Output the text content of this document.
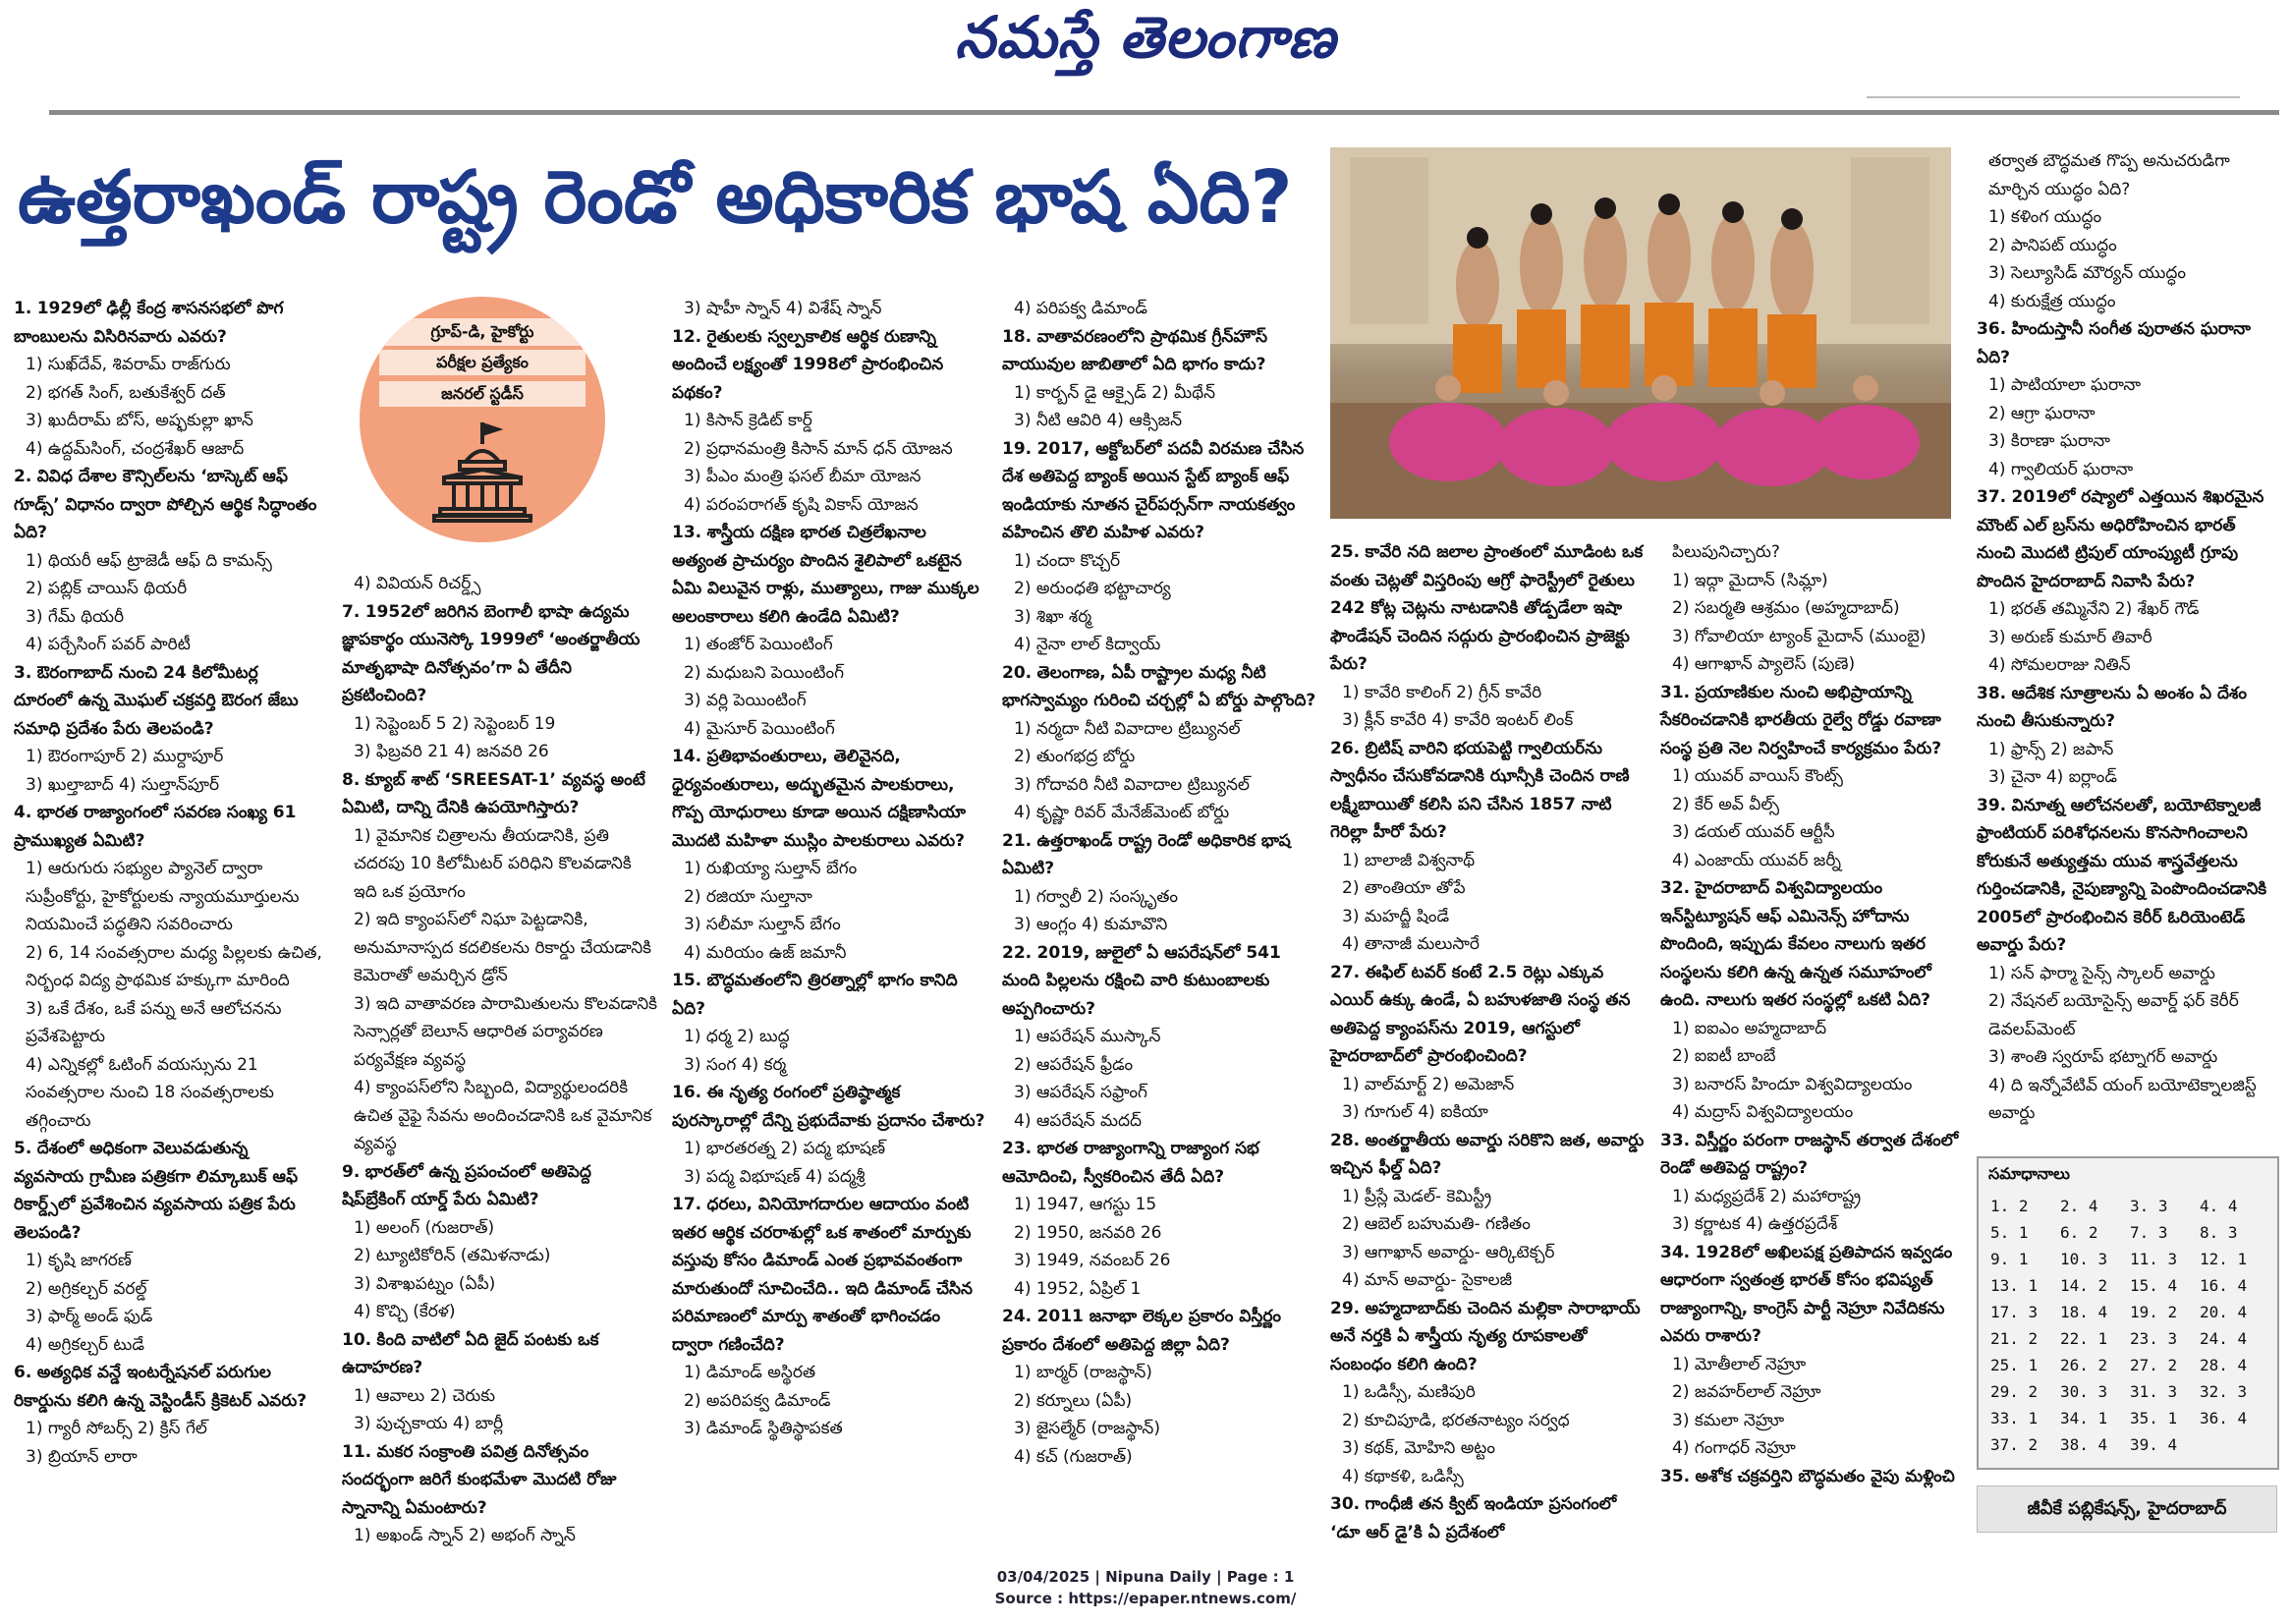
నమస్తే తెలంగాణ
ఉత్తరాఖండ్ రాష్ట్ర రెండో అధికారిక భాష ఏది?
గ్రూప్-డి, హైకోర్టు
పరీక్షల ప్రత్యేకం
జనరల్ స్టడీస్
1. 1929లో ఢిల్లీ కేంద్ర శాసనసభలో పొగ బాంబులను విసిరినవారు ఎవరు?
1) సుఖ్‌దేవ్, శివరామ్ రాజ్‌గురు
2) భగత్ సింగ్, బతుకేశ్వర్ దత్
3) ఖుదీరామ్ బోస్, అష్ఫకుల్లా ఖాన్
4) ఉద్దమ్‌సింగ్, చంద్రశేఖర్ ఆజాద్
2. వివిధ దేశాల కౌన్సిల్‌లను ‘బాస్కెట్ ఆఫ్ గూడ్స్’ విధానం ద్వారా పోల్చిన ఆర్థిక సిద్ధాంతం ఏది?
1) థియరీ ఆఫ్ ట్రాజెడీ ఆఫ్ ది కామన్స్
2) పబ్లిక్ చాయిస్ థియరీ
3) గేమ్ థియరీ
4) పర్చేసింగ్ పవర్ పారిటీ
3. ఔరంగాబాద్ నుంచి 24 కిలోమీటర్ల దూరంలో ఉన్న మొఘల్ చక్రవర్తి ఔరంగ జేబు సమాధి ప్రదేశం పేరు తెలపండి?
1) ఔరంగాపూర్ 2) ముర్దాపూర్
3) ఖుల్తాబాద్ 4) సుల్తాన్‌పూర్
4. భారత రాజ్యాంగంలో సవరణ సంఖ్య 61 ప్రాముఖ్యత ఏమిటి?
1) ఆరుగురు సభ్యుల ప్యానెల్ ద్వారా సుప్రీంకోర్టు, హైకోర్టులకు న్యాయమూర్తులను నియమించే పద్ధతిని సవరించారు
2) 6, 14 సంవత్సరాల మధ్య పిల్లలకు ఉచిత, నిర్బంధ విద్య ప్రాథమిక హక్కుగా మారింది
3) ఒకే దేశం, ఒకే పన్ను అనే ఆలోచనను ప్రవేశపెట్టారు
4) ఎన్నికల్లో ఓటింగ్ వయస్సును 21 సంవత్సరాల నుంచి 18 సంవత్సరాలకు తగ్గించారు
5. దేశంలో అధికంగా వెలువడుతున్న వ్యవసాయ గ్రామీణ పత్రికగా లిమ్కాబుక్ ఆఫ్ రికార్డ్స్‌లో ప్రవేశించిన వ్యవసాయ పత్రిక పేరు తెలపండి?
1) కృషి జాగరణ్
2) అగ్రికల్చర్ వరల్డ్
3) ఫార్మ్ అండ్ ఫుడ్
4) అగ్రికల్చర్ టుడే
6. అత్యధిక వన్డే ఇంటర్నేషనల్ పరుగుల రికార్డును కలిగి ఉన్న వెస్టిండీస్ క్రికెటర్ ఎవరు?
1) గ్యారీ సోబర్స్ 2) క్రిస్ గేల్
3) బ్రియాన్ లారా
4) వివియన్ రిచర్డ్స్
7. 1952లో జరిగిన బెంగాలీ భాషా ఉద్యమ జ్ఞాపకార్థం యునెస్కో 1999లో ‘అంతర్జాతీయ మాతృభాషా దినోత్సవం’గా ఏ తేదీని ప్రకటించింది?
1) సెప్టెంబర్ 5 2) సెప్టెంబర్ 19
3) ఫిబ్రవరి 21 4) జనవరి 26
8. క్యూబ్ శాట్ ‘SREESAT-1’ వ్యవస్థ అంటే ఏమిటి, దాన్ని దేనికి ఉపయోగిస్తారు?
1) వైమానిక చిత్రాలను తీయడానికి, ప్రతి చదరపు 10 కిలోమీటర్ పరిధిని కొలవడానికి ఇది ఒక ప్రయోగం
2) ఇది క్యాంపస్‌లో నిఘా పెట్టడానికి, అనుమానాస్పద కదలికలను రికార్డు చేయడానికి కెమెరాతో అమర్చిన డ్రోన్
3) ఇది వాతావరణ పారామితులను కొలవడానికి సెన్సార్లతో బెలూన్ ఆధారిత పర్యావరణ పర్యవేక్షణ వ్యవస్థ
4) క్యాంపస్‌లోని సిబ్బంది, విద్యార్థులందరికి ఉచిత వైఫై సేవను అందించడానికి ఒక వైమానిక వ్యవస్థ
9. భారత్‌లో ఉన్న ప్రపంచంలో అతిపెద్ద షిప్‌బ్రేకింగ్ యార్డ్ పేరు ఏమిటి?
1) అలంగ్ (గుజరాత్)
2) ట్యూటికోరిన్ (తమిళనాడు)
3) విశాఖపట్నం (ఏపీ)
4) కొచ్చి (కేరళ)
10. కింది వాటిలో ఏది జైద్ పంటకు ఒక ఉదాహరణ?
1) ఆవాలు 2) చెరుకు
3) పుచ్చకాయ 4) బార్లీ
11. మకర సంక్రాంతి పవిత్ర దినోత్సవం సందర్భంగా జరిగే కుంభమేళా మొదటి రోజు స్నానాన్ని ఏమంటారు?
1) అఖండ్ స్నాన్ 2) అభంగ్ స్నాన్
3) షాహీ స్నాన్ 4) విశేష్ స్నాన్
12. రైతులకు స్వల్పకాలిక ఆర్థిక రుణాన్ని అందించే లక్ష్యంతో 1998లో ప్రారంభించిన పథకం?
1) కిసాన్ క్రెడిట్ కార్డ్
2) ప్రధానమంత్రి కిసాన్ మాన్ ధన్ యోజన
3) పీఎం మంత్రి ఫసల్ బీమా యోజన
4) పరంపరాగత్ కృషి వికాస్ యోజన
13. శాస్త్రీయ దక్షిణ భారత చిత్రలేఖనాల అత్యంత ప్రాచుర్యం పొందిన శైలిపాలో ఒకటైన ఏమి విలువైన రాళ్లు, ముత్యాలు, గాజు ముక్కల అలంకారాలు కలిగి ఉండేది ఏమిటి?
1) తంజోర్ పెయింటింగ్
2) మధుబని పెయింటింగ్
3) వర్లి పెయింటింగ్
4) మైసూర్ పెయింటింగ్
14. ప్రతిభావంతురాలు, తెలివైనది, ధైర్యవంతురాలు, అద్భుతమైన పాలకురాలు, గొప్ప యోధురాలు కూడా అయిన దక్షిణాసియా మొదటి మహిళా ముస్లిం పాలకురాలు ఎవరు?
1) రుఖియ్యా సుల్తాన్ బేగం
2) రజియా సుల్తానా
3) సలీమా సుల్తాన్ బేగం
4) మరియం ఉజ్ జమానీ
15. బౌద్ధమతంలోని త్రిరత్నాల్లో భాగం కానిది ఏది?
1) ధర్మ 2) బుద్ధ
3) సంగ 4) కర్మ
16. ఈ నృత్య రంగంలో ప్రతిష్ఠాత్మక పురస్కారాల్లో దేన్ని ప్రభుదేవాకు ప్రదానం చేశారు?
1) భారతరత్న 2) పద్మ భూషణ్
3) పద్మ విభూషణ్ 4) పద్మశ్రీ
17. ధరలు, వినియోగదారుల ఆదాయం వంటి ఇతర ఆర్థిక చరరాశుల్లో ఒక శాతంలో మార్పుకు వస్తువు కోసం డిమాండ్ ఎంత ప్రభావవంతంగా మారుతుందో సూచించేది.. ఇది డిమాండ్ చేసిన పరిమాణంలో మార్పు శాతంతో భాగించడం ద్వారా గణించేది?
1) డిమాండ్ అస్థిరత
2) అపరిపక్వ డిమాండ్
3) డిమాండ్ స్థితిస్థాపకత
4) పరిపక్వ డిమాండ్
18. వాతావరణంలోని ప్రాథమిక గ్రీన్‌హౌస్ వాయువుల జాబితాలో ఏది భాగం కాదు?
1) కార్బన్ డై ఆక్సైడ్ 2) మీథేన్
3) నీటి ఆవిరి 4) ఆక్సిజన్
19. 2017, అక్టోబర్‌లో పదవీ విరమణ చేసిన దేశ అతిపెద్ద బ్యాంక్ అయిన స్టేట్ బ్యాంక్ ఆఫ్ ఇండియాకు నూతన చైర్‌పర్సన్‌గా నాయకత్వం వహించిన తొలి మహిళ ఎవరు?
1) చందా కొచ్చర్
2) అరుంధతి భట్టాచార్య
3) శిఖా శర్మ
4) నైనా లాల్ కిద్వాయ్
20. తెలంగాణ, ఏపీ రాష్ట్రాల మధ్య నీటి భాగస్వామ్యం గురించి చర్చల్లో ఏ బోర్డు పాల్గొంది?
1) నర్మదా నీటి వివాదాల ట్రిబ్యునల్
2) తుంగభద్ర బోర్డు
3) గోదావరి నీటి వివాదాల ట్రిబ్యునల్
4) కృష్ణా రివర్ మేనేజ్‌మెంట్ బోర్డు
21. ఉత్తరాఖండ్ రాష్ట్ర రెండో అధికారిక భాష ఏమిటి?
1) గర్వాలీ 2) సంస్కృతం
3) ఆంగ్లం 4) కుమావొని
22. 2019, జులైలో ఏ ఆపరేషన్‌లో 541 మంది పిల్లలను రక్షించి వారి కుటుంబాలకు అప్పగించారు?
1) ఆపరేషన్ ముస్కాన్
2) ఆపరేషన్ ఫ్రీడం
3) ఆపరేషన్ సఫ్రాంగ్
4) ఆపరేషన్ మదద్
23. భారత రాజ్యాంగాన్ని రాజ్యాంగ సభ ఆమోదించి, స్వీకరించిన తేదీ ఏది?
1) 1947, ఆగస్టు 15
2) 1950, జనవరి 26
3) 1949, నవంబర్ 26
4) 1952, ఏప్రిల్ 1
24. 2011 జనాభా లెక్కల ప్రకారం విస్తీర్ణం ప్రకారం దేశంలో అతిపెద్ద జిల్లా ఏది?
1) బార్మర్ (రాజస్థాన్)
2) కర్నూలు (ఏపీ)
3) జైసల్మేర్ (రాజస్థాన్)
4) కచ్ (గుజరాత్)
25. కావేరి నది జలాల ప్రాంతంలో మూడింట ఒక వంతు చెట్లతో విస్తరింపు ఆగ్రో ఫారెస్ట్రీలో రైతులు 242 కోట్ల చెట్లను నాటడానికి తోడ్పడేలా ఇషా ఫౌండేషన్ చెందిన సద్గురు ప్రారంభించిన ప్రాజెక్టు పేరు?
1) కావేరి కాలింగ్ 2) గ్రీన్ కావేరి
3) క్లీన్ కావేరి 4) కావేరి ఇంటర్ లింక్
26. బ్రిటిష్ వారిని భయపెట్టి గ్వాలియర్‌ను స్వాధీనం చేసుకోవడానికి ఝాన్సీకి చెందిన రాణి లక్ష్మీబాయితో కలిసి పని చేసిన 1857 నాటి గెరిల్లా హీరో పేరు?
1) బాలాజీ విశ్వనాథ్
2) తాంతియా తోపే
3) మహద్జీ షిండే
4) తానాజీ మలుసారే
27. ఈఫిల్ టవర్ కంటే 2.5 రెట్లు ఎక్కువ ఎయిర్ ఉక్కు ఉండే, ఏ బహుళజాతి సంస్థ తన అతిపెద్ద క్యాంపస్‌ను 2019, ఆగస్టులో హైదరాబాద్‌లో ప్రారంభించింది?
1) వాల్‌మార్ట్ 2) అమెజాన్
3) గూగుల్ 4) ఐకియా
28. అంతర్జాతీయ అవార్డు సరికొని జత, అవార్డు ఇచ్చిన ఫీల్డ్ ఏది?
1) ప్రీస్లే మెడల్- కెమిస్ట్రీ
2) ఆబెల్ బహుమతి- గణితం
3) ఆగాఖాన్ అవార్డు- ఆర్కిటెక్చర్
4) మాన్ అవార్డు- సైకాలజీ
29. అహ్మదాబాద్‌కు చెందిన మల్లికా సారాభాయ్ అనే నర్తకి ఏ శాస్త్రీయ నృత్య రూపకాలతో సంబంధం కలిగి ఉంది?
1) ఒడిస్సీ, మణిపురి
2) కూచిపూడి, భరతనాట్యం సర్వధ
3) కథక్, మోహిని అట్టం
4) కథాకళి, ఒడిస్సీ
30. గాంధీజీ తన క్విట్ ఇండియా ప్రసంగంలో ‘డూ ఆర్ డై’కి ఏ ప్రదేశంలో
పిలుపునిచ్చారు?
1) ఇద్గా మైదాన్ (సిమ్లా)
2) సబర్మతి ఆశ్రమం (అహ్మదాబాద్)
3) గోవాలియా ట్యాంక్ మైదాన్ (ముంబై)
4) ఆగాఖాన్ ప్యాలెస్ (పుణె)
31. ప్రయాణికుల నుంచి అభిప్రాయాన్ని సేకరించడానికి భారతీయ రైల్వే రోడ్డు రవాణా సంస్థ ప్రతి నెల నిర్వహించే కార్యక్రమం పేరు?
1) యువర్ వాయిస్ కౌంట్స్
2) కేర్ అవ్ వీల్స్
3) డయల్ యువర్ ఆర్టీసీ
4) ఎంజాయ్ యువర్ జర్నీ
32. హైదరాబాద్ విశ్వవిద్యాలయం ఇన్‌స్టిట్యూషన్ ఆఫ్ ఎమినెన్స్ హోదాను పొందింది, ఇప్పుడు కేవలం నాలుగు ఇతర సంస్థలను కలిగి ఉన్న ఉన్నత సమూహంలో ఉంది. నాలుగు ఇతర సంస్థల్లో ఒకటి ఏది?
1) ఐఐఎం అహ్మదాబాద్
2) ఐఐటీ బాంబే
3) బనారస్ హిందూ విశ్వవిద్యాలయం
4) మద్రాస్ విశ్వవిద్యాలయం
33. విస్తీర్ణం పరంగా రాజస్థాన్ తర్వాత దేశంలో రెండో అతిపెద్ద రాష్ట్రం?
1) మధ్యప్రదేశ్ 2) మహారాష్ట్ర
3) కర్ణాటక 4) ఉత్తరప్రదేశ్
34. 1928లో అఖిలపక్ష ప్రతిపాదన ఇవ్వడం ఆధారంగా స్వతంత్ర భారత్ కోసం భవిష్యత్ రాజ్యాంగాన్ని, కాంగ్రెస్ పార్టీ నెహ్రూ నివేదికను ఎవరు రాశారు?
1) మోతీలాల్ నెహ్రూ
2) జవహర్‌లాల్ నెహ్రూ
3) కమలా నెహ్రూ
4) గంగాధర్ నెహ్రూ
35. అశోక చక్రవర్తిని బౌద్ధమతం వైపు మళ్లించి
తర్వాత బౌద్ధమత గొప్ప అనుచరుడిగా మార్చిన యుద్ధం ఏది?
1) కళింగ యుద్ధం
2) పానిపట్ యుద్ధం
3) సెల్యూసిడ్ మౌర్యన్ యుద్ధం
4) కురుక్షేత్ర యుద్ధం
36. హిందుస్తానీ సంగీత పురాతన ఘరానా ఏది?
1) పాటియాలా ఘరానా
2) ఆగ్రా ఘరానా
3) కిరాణా ఘరానా
4) గ్వాలియర్ ఘరానా
37. 2019లో రష్యాలో ఎత్తయిన శిఖరమైన మౌంట్ ఎల్ బ్రస్‌ను అధిరోహించిన భారత్ నుంచి మొదటి ట్రిపుల్ యాంప్యుటీ గ్రూపు పొందిన హైదరాబాద్ నివాసి పేరు?
1) భరత్ తమ్మినేని 2) శేఖర్ గౌడ్
3) అరుణ్ కుమార్ తివారీ
4) సోమలరాజు నితిన్
38. ఆదేశిక సూత్రాలను ఏ అంశం ఏ దేశం నుంచి తీసుకున్నారు?
1) ఫ్రాన్స్ 2) జపాన్
3) చైనా 4) ఐర్లాండ్
39. వినూత్న ఆలోచనలతో, బయోటెక్నాలజీ ఫ్రాంటియర్ పరిశోధనలను కొనసాగించాలని కోరుకునే అత్యుత్తమ యువ శాస్త్రవేత్తలను గుర్తించడానికి, నైపుణ్యాన్ని పెంపొందించడానికి 2005లో ప్రారంభించిన కెరీర్ ఓరియెంటెడ్ అవార్డు పేరు?
1) సన్ ఫార్మా సైన్స్ స్కాలర్ అవార్డు
2) నేషనల్ బయోసైన్స్ అవార్డ్ ఫర్ కెరీర్ డెవలప్‌మెంట్
3) శాంతి స్వరూప్ భట్నాగర్ అవార్డు
4) ది ఇన్నోవేటివ్ యంగ్ బయోటెక్నాలజిస్ట్ అవార్డు
సమాధానాలు
1. 2	2. 4	3. 3	4. 4
5. 1	6. 2	7. 3	8. 3
9. 1	10. 3	11. 3	12. 1
13. 1	14. 2	15. 4	16. 4
17. 3	18. 4	19. 2	20. 4
21. 2	22. 1	23. 3	24. 4
25. 1	26. 2	27. 2	28. 4
29. 2	30. 3	31. 3	32. 3
33. 1	34. 1	35. 1	36. 4
37. 2	38. 4	39. 4	
జీవీకే పబ్లికేషన్స్, హైదరాబాద్
03/04/2025 | Nipuna Daily | Page : 1
Source : https://epaper.ntnews.com/
